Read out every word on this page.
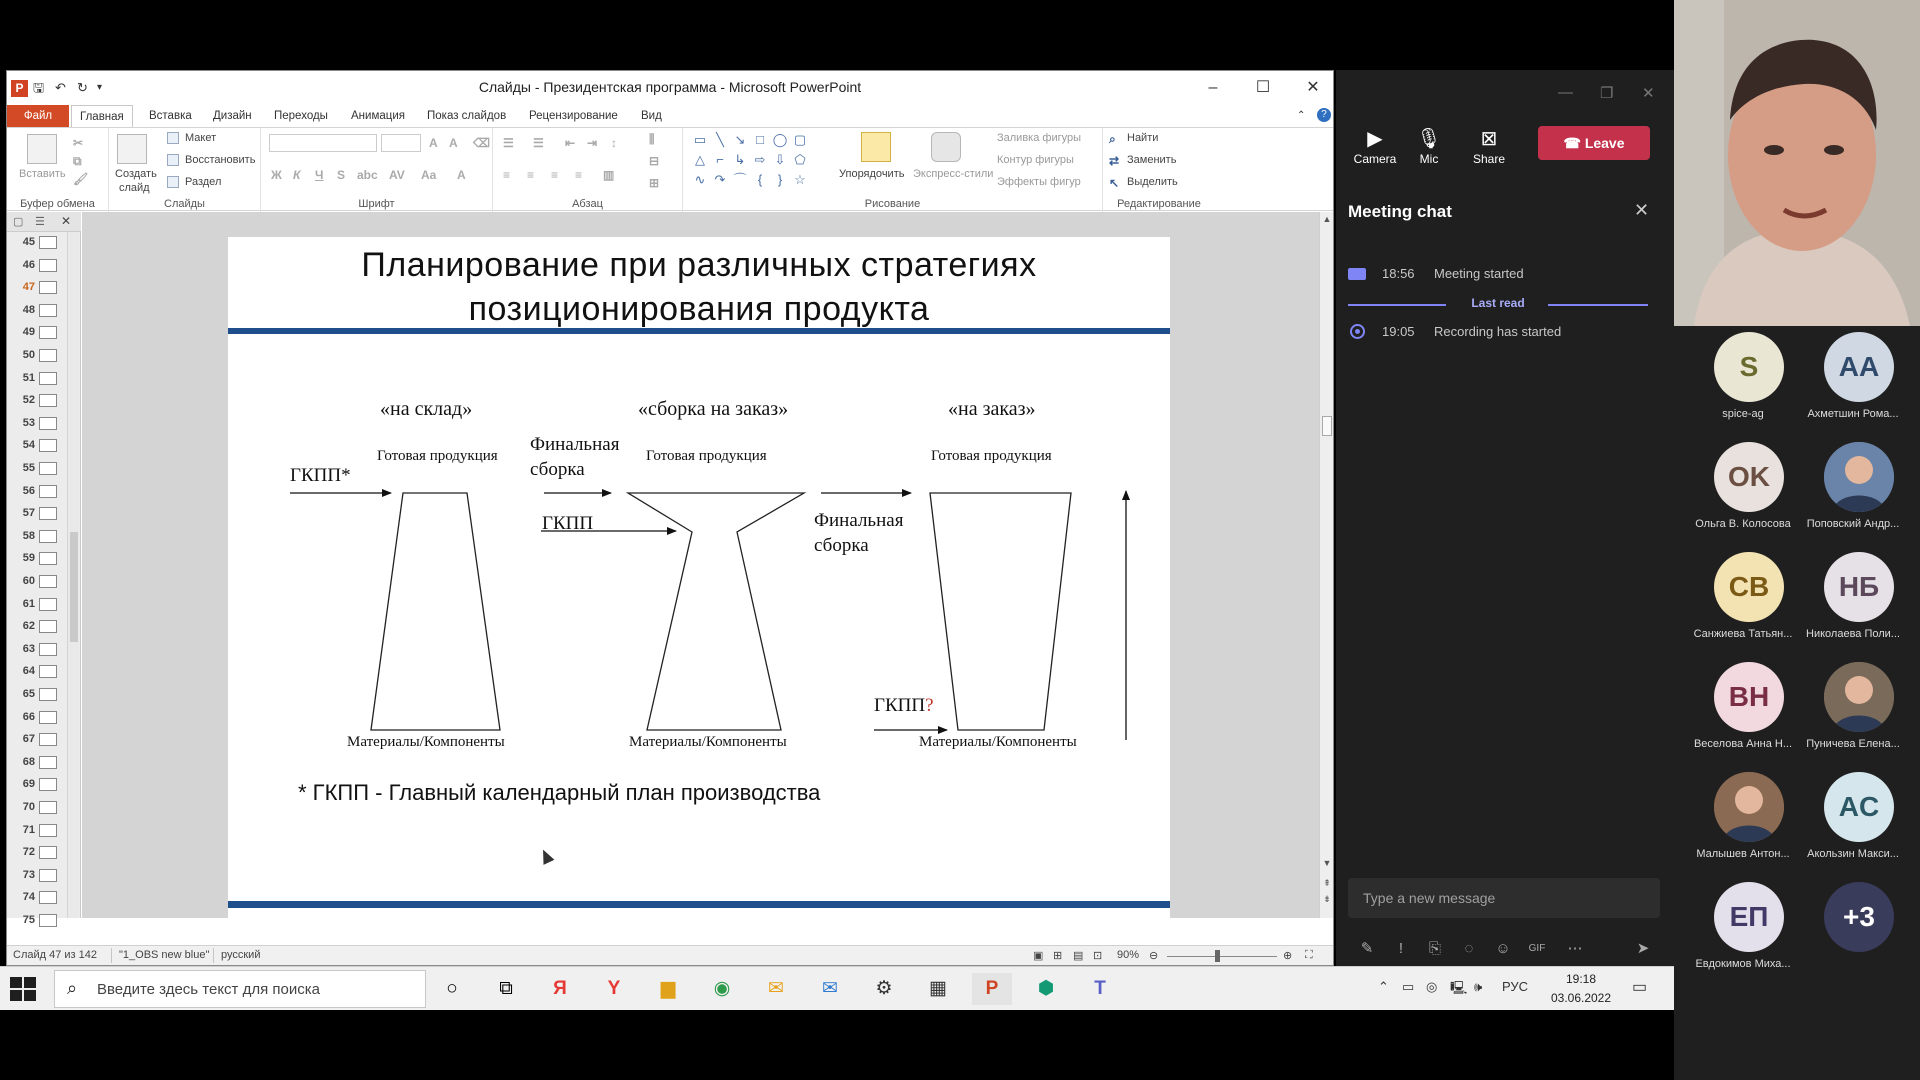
P 🖫 ↶ ↻ ▾	Слайды - Президентская программа - Microsoft PowerPoint	–	☐	✕
Файл	Главная	Вставка Дизайн Переходы Анимация Показ слайдов Рецензирование Вид	⌃	?
Вставить
✂
⧉
🖌
Буфер обмена
Создать
слайд
Макет
Восстановить
Раздел
Слайды
A A ⌫
Ж К Ч S abc AV Aa A
Шрифт
☰ ☰ ⇤ ⇥ ↕	⫼
≡ ≡ ≡ ≡ ▥
⊟
⊞
Абзац
▭ ╲ ↘ □ ◯ ▢
△ ⌐ ↳ ⇨ ⇩ ⬠
∿ ↷ ⌒ {	} ☆	Упорядочить Экспресс-стили
Заливка фигуры
Контур фигуры
Эффекты фигур
Рисование
⌕ Найти
⇄ Заменить
↖ Выделить
Редактирование
▢ ☰ ✕
45
46
47
48
49
50
51
52
53
54
55
56
57
58
59
60
61
62
63
64
65
66
67
68
69
70
71
72
73
74
75
▲
▼
⇞
⇟
Слайд 47 из 142 "1_OBS new blue" русский	▣ ⊞ ▤ ⊡ 90% ⊖	⊕ ⛶
Планирование при различных стратегиях
позиционирования продукта
«на склад»	«сборка на заказ»	«на заказ»
Готовая продукция	Готовая продукция	Готовая продукция
ГКПП*
Финальная
сборка
ГКПП	Финальная
сборка
ГКПП?
Материалы/Компоненты	Материалы/Компоненты	Материалы/Компоненты
* ГКПП - Главный календарный план производства
— ❐ ✕
▶
Camera
🎙
Mic
⊠
Share
☎ Leave
Meeting chat	✕
18:56 Meeting started
Last read
19:05 Recording has started
Type a new message
✎	!	⎘	◌	☺	GIF ⋯	➤
S
spice-ag
AA
Ахметшин Рома...
OK
Ольга В. Колосова	Поповский Андр...
CB
Санжиева Татьян...
НБ
Николаева Поли...
BH
Веселова Анна Н...	Пуничева Елена...
Малышев Антон...
AC
Акользин Макси...
ЕП
Евдокимов Миха...
+3
⌕
Введите здесь текст для поиска	○	⧉	Я	Y	▆	◉	✉	✉	⚙	▦	P	⬢	T	⌃ ▭ ◎ 🖳 🕪 РУС	19:18
03.06.2022
▭
